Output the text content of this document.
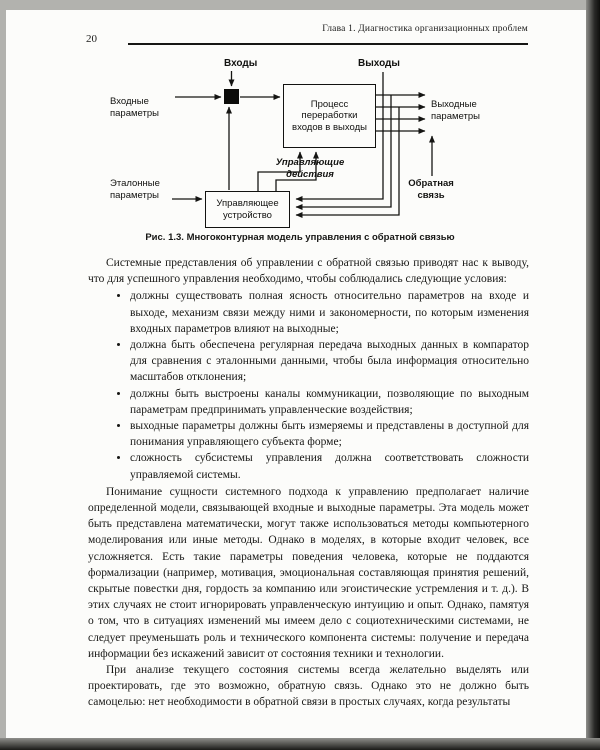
20
Глава 1. Диагностика организационных проблем
Входы	Выходы
Входные параметры
Процесс переработки входов в выходы
Выходные параметры
Управляющие действия
Обратная связь
Эталонные параметры
Управляющее устройство
Рис. 1.3. Многоконтурная модель управления с обратной связью

Системные представления об управлении с обратной связью приводят нас к выводу, что для успешного управления необходимо, чтобы соблюдались следующие условия:

• должны существовать полная ясность относительно параметров на входе и выходе, механизм связи между ними и закономерности, по которым изменения входных параметров влияют на выходные;
• должна быть обеспечена регулярная передача выходных данных в компаратор для сравнения с эталонными данными, чтобы была информация относительно масштабов отклонения;
• должны быть выстроены каналы коммуникации, позволяющие по выходным параметрам предпринимать управленческие воздействия;
• выходные параметры должны быть измеряемы и представлены в доступной для понимания управляющего субъекта форме;
• сложность субсистемы управления должна соответствовать сложности управляемой системы.

Понимание сущности системного подхода к управлению предполагает наличие определенной модели, связывающей входные и выходные параметры. Эта модель может быть представлена математически, могут также использоваться методы компьютерного моделирования или иные методы. Однако в моделях, в которые входит человек, все усложняется. Есть такие параметры поведения человека, которые не поддаются формализации (например, мотивация, эмоциональная составляющая принятия решений, скрытые повестки дня, гордость за компанию или эгоистические устремления и т. д.). В этих случаях не стоит игнорировать управленческую интуицию и опыт. Однако, памятуя о том, что в ситуациях изменений мы имеем дело с социотехническими системами, не следует преуменьшать роль и технического компонента системы: получение и передача информации без искажений зависит от состояния техники и технологии.

При анализе текущего состояния системы всегда желательно выделять или проектировать, где это возможно, обратную связь. Однако это не должно быть самоцелью: нет необходимости в обратной связи в простых случаях, когда результаты
